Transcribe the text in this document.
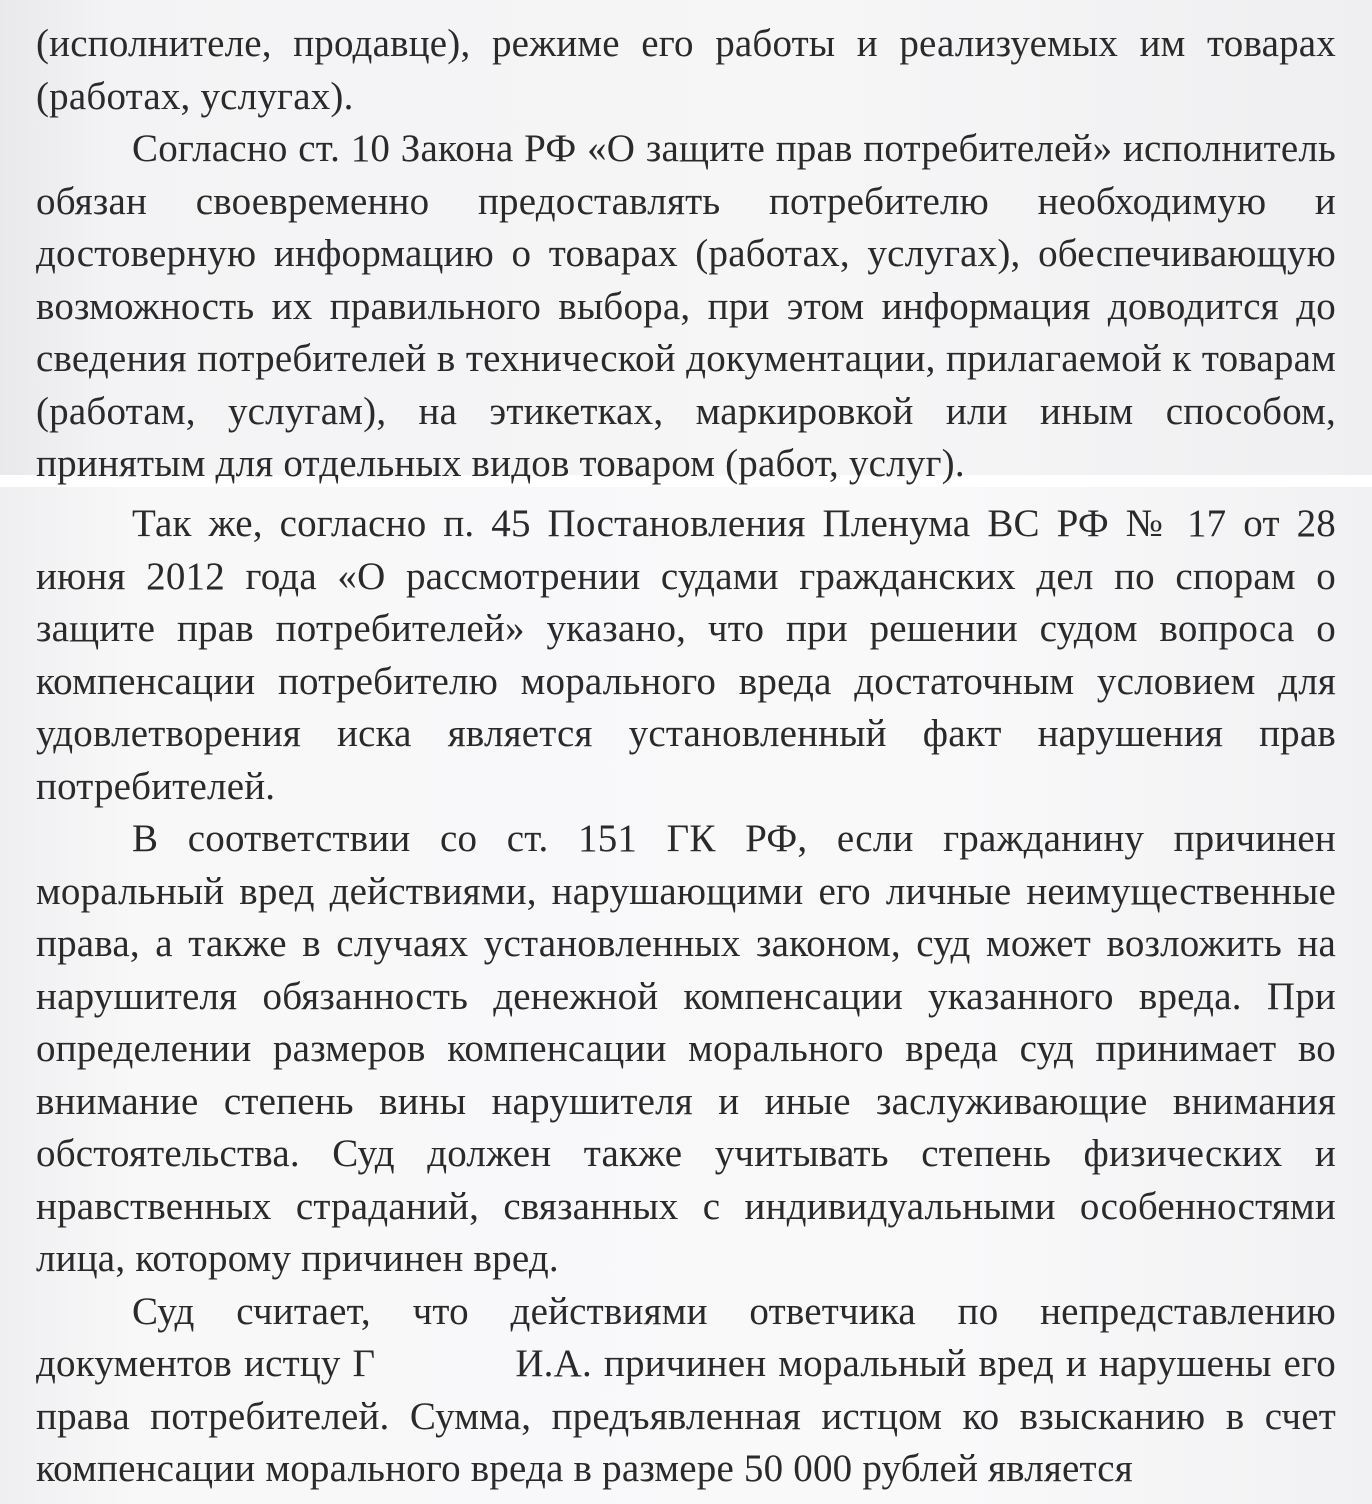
(исполнителе, продавце), режиме его работы и реализуемых им товарах (работах, услугах).

Согласно ст. 10 Закона РФ «О защите прав потребителей» исполнитель обязан своевременно предоставлять потребителю необходимую и достоверную информацию о товарах (работах, услугах), обеспечивающую возможность их правильного выбора, при этом информация доводится до сведения потребителей в технической документации, прилагаемой к товарам (работам, услугам), на этикетках, маркировкой или иным способом, принятым для отдельных видов товаром (работ, услуг).

Так же, согласно п. 45 Постановления Пленума ВС РФ № 17 от 28 июня 2012 года «О рассмотрении судами гражданских дел по спорам о защите прав потребителей» указано, что при решении судом вопроса о компенсации потребителю морального вреда достаточным условием для удовлетворения иска является установленный факт нарушения прав потребителей.

В соответствии со ст. 151 ГК РФ, если гражданину причинен моральный вред действиями, нарушающими его личные неимущественные права, а также в случаях установленных законом, суд может возложить на нарушителя обязанность денежной компенсации указанного вреда. При определении размеров компенсации морального вреда суд принимает во внимание степень вины нарушителя и иные заслуживающие внимания обстоятельства. Суд должен также учитывать степень физических и нравственных страданий, связанных с индивидуальными особенностями лица, которому причинен вред.

Суд считает, что действиями ответчика по непредставлению документов истцу Г	И.А. причинен моральный вред и нарушены его права потребителей. Сумма, предъявленная истцом ко взысканию в счет компенсации морального вреда в размере 50 000 рублей является
